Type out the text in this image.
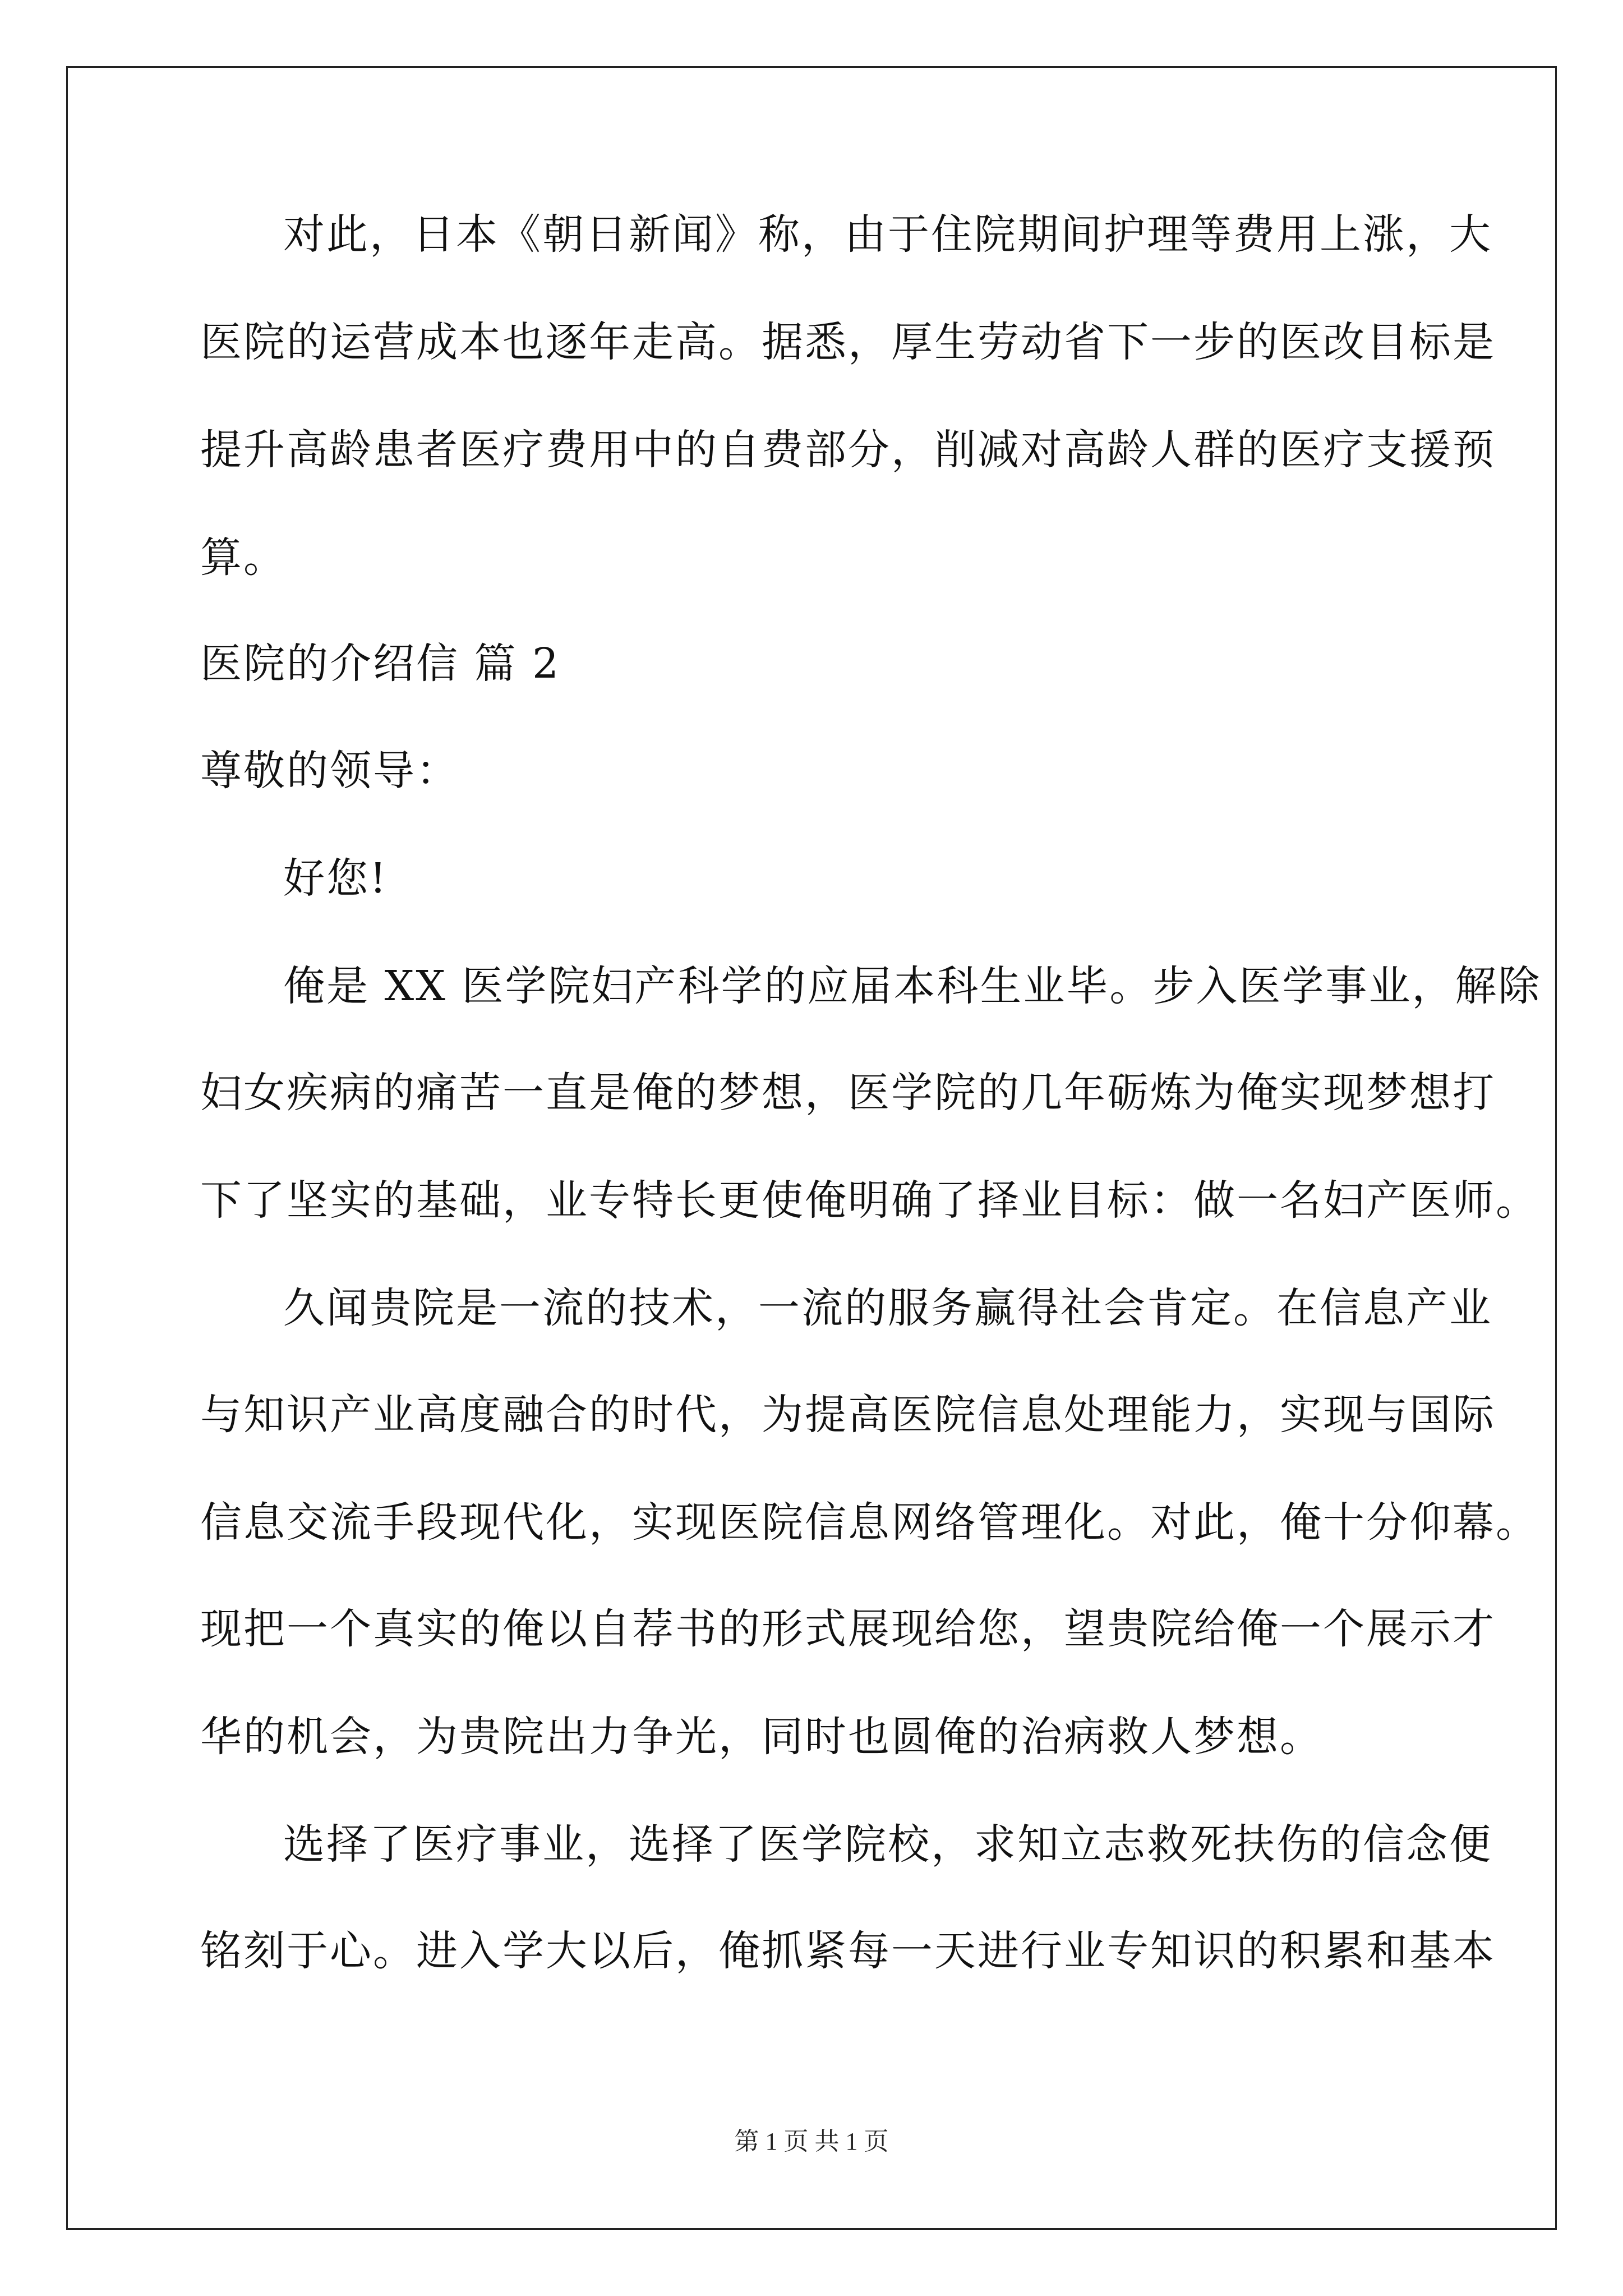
对此，日本《朝日新闻》称，由于住院期间护理等费用上涨，大
医院的运营成本也逐年走高。据悉，厚生劳动省下一步的医改目标是
提升高龄患者医疗费用中的自费部分，削减对高龄人群的医疗支援预
算。
医院的介绍信 篇 2
尊敬的领导：
好您!
俺是 XX 医学院妇产科学的应届本科生业毕。步入医学事业，解除
妇女疾病的痛苦一直是俺的梦想，医学院的几年砺炼为俺实现梦想打
下了坚实的基础，业专特长更使俺明确了择业目标：做一名妇产医师。
久闻贵院是一流的技术，一流的服务赢得社会肯定。在信息产业
与知识产业高度融合的时代，为提高医院信息处理能力，实现与国际
信息交流手段现代化，实现医院信息网络管理化。对此，俺十分仰幕。
现把一个真实的俺以自荐书的形式展现给您，望贵院给俺一个展示才
华的机会，为贵院出力争光，同时也圆俺的治病救人梦想。
选择了医疗事业，选择了医学院校，求知立志救死扶伤的信念便
铭刻于心。进入学大以后，俺抓紧每一天进行业专知识的积累和基本
第 1 页 共 1 页
